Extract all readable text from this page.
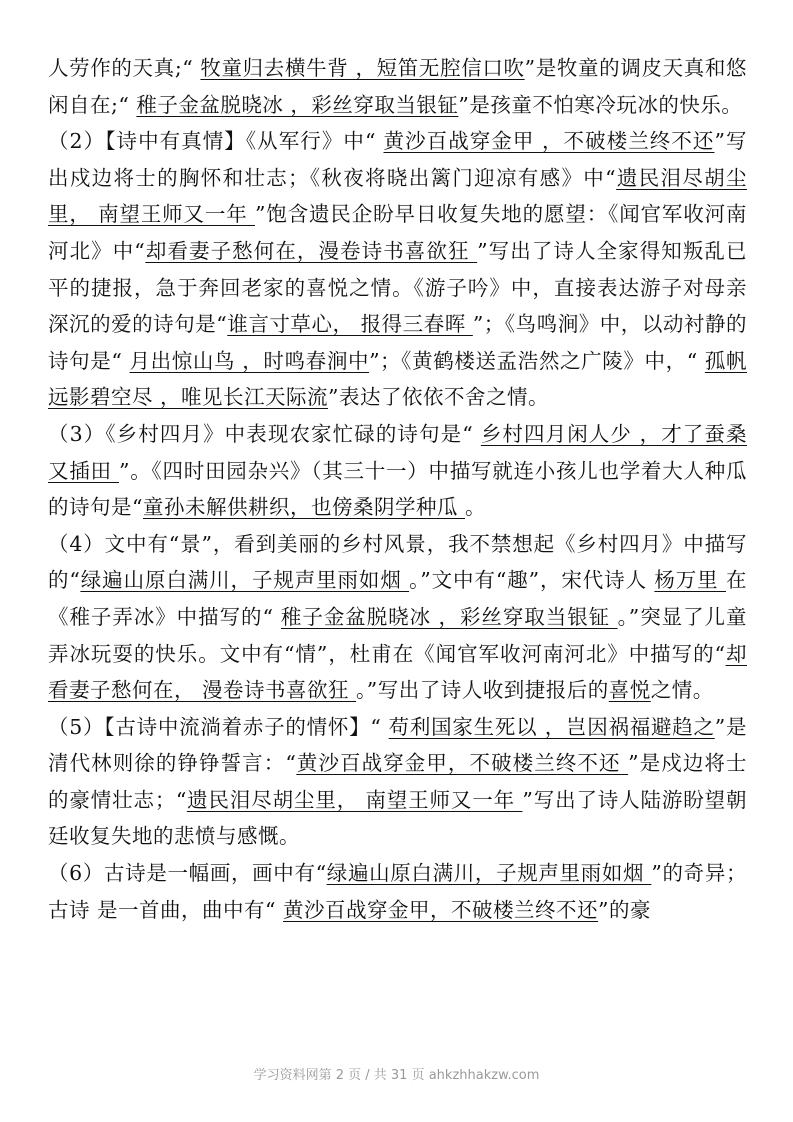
人劳作的天真;“ 牧童归去横牛背 ，短笛无腔信口吹”是牧童的调皮天真和悠闲自在;“ 稚子金盆脱晓冰 ，彩丝穿取当银钲”是孩童不怕寒冷玩冰的快乐。

（2）【诗中有真情】《从军行》中“ 黄沙百战穿金甲 ，不破楼兰终不还”写出戍边将士的胸怀和壮志；《秋夜将晓出篱门迎凉有感》中“遗民泪尽胡尘里， 南望王师又一年 ”饱含遗民企盼早日收复失地的愿望：《闻官军收河南河北》中“却看妻子愁何在，漫卷诗书喜欲狂 ”写出了诗人全家得知叛乱已平的捷报，急于奔回老家的喜悦之情。《游子吟》中，直接表达游子对母亲深沉的爱的诗句是“谁言寸草心， 报得三春晖 ”；《鸟鸣涧》中，以动衬静的诗句是“ 月出惊山鸟 ，时鸣春涧中”；《黄鹤楼送孟浩然之广陵》中，“ 孤帆远影碧空尽 ，唯见长江天际流”表达了依依不舍之情。

（3）《乡村四月》中表现农家忙碌的诗句是“ 乡村四月闲人少 ，才了蚕桑又插田 ”。《四时田园杂兴》（其三十一）中描写就连小孩儿也学着大人种瓜的诗句是“童孙未解供耕织，也傍桑阴学种瓜 。

（4）文中有“景”，看到美丽的乡村风景，我不禁想起《乡村四月》中描写的“绿遍山原白满川，子规声里雨如烟 。”文中有“趣”，宋代诗人 杨万里 在《稚子弄冰》中描写的“ 稚子金盆脱晓冰 ，彩丝穿取当银钲 。”突显了儿童弄冰玩耍的快乐。文中有“情”，杜甫在《闻官军收河南河北》中描写的“却看妻子愁何在， 漫卷诗书喜欲狂 。”写出了诗人收到捷报后的喜悦之情。

（5）【古诗中流淌着赤子的情怀】“ 苟利国家生死以 ，岂因祸福避趋之”是清代林则徐的铮铮誓言：“黄沙百战穿金甲，不破楼兰终不还 ”是戍边将士的豪情壮志；“遗民泪尽胡尘里， 南望王师又一年 ”写出了诗人陆游盼望朝廷收复失地的悲愤与感慨。

（6）古诗是一幅画，画中有“绿遍山原白满川，子规声里雨如烟 ”的奇异；古诗 是一首曲，曲中有“ 黄沙百战穿金甲，不破楼兰终不还”的豪

学习资料网第 2 页 / 共 31 页 ahkzhhakzw.com
